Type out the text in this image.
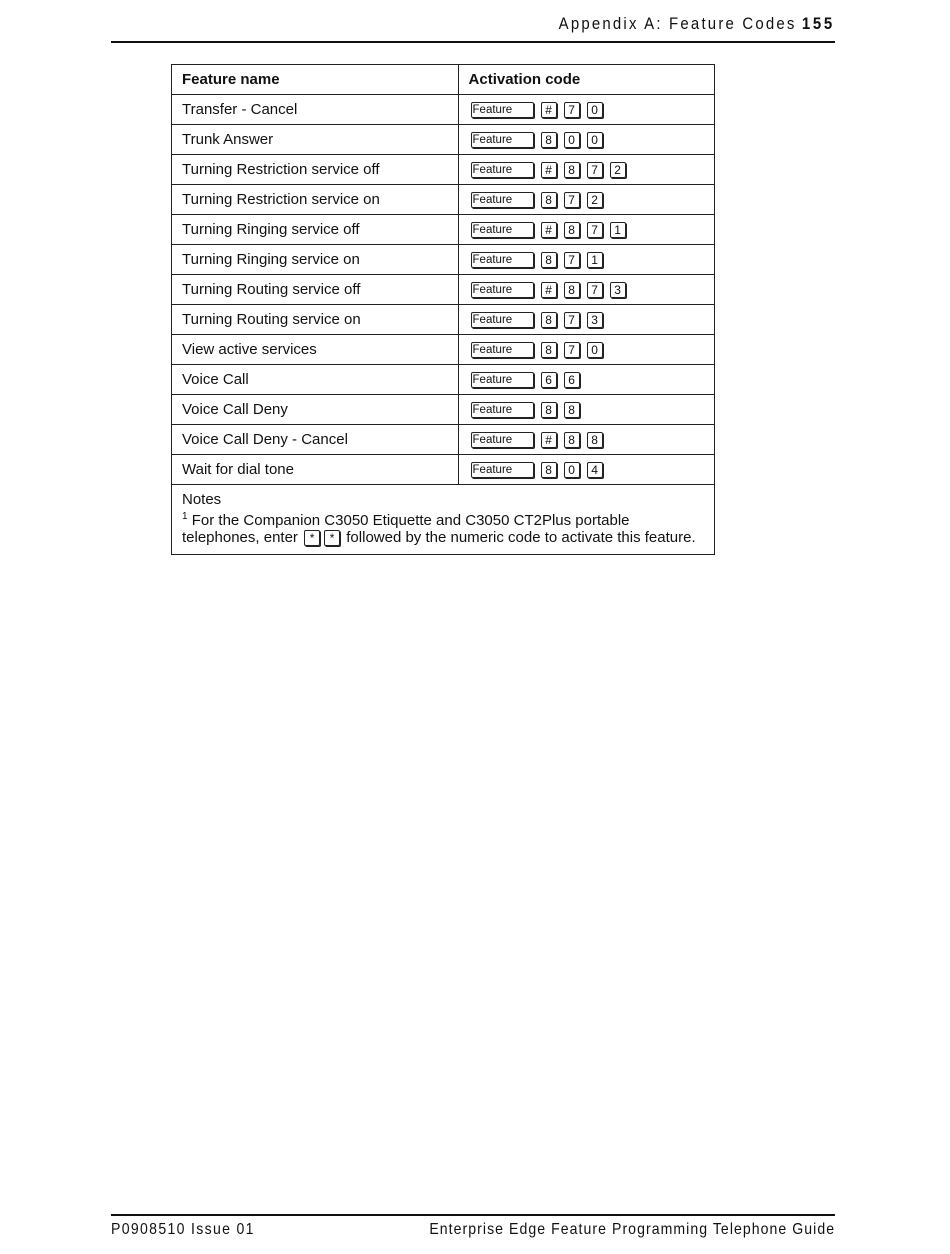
Appendix A: Feature Codes 155
Feature name	Activation code
Transfer - Cancel	Feature # 7 0

Trunk Answer	Feature 8 0 0

Turning Restriction service off	Feature # 8 7 2

Turning Restriction service on	Feature 8 7 2

Turning Ringing service off	Feature # 8 7 1

Turning Ringing service on	Feature 8 7 1

Turning Routing service off	Feature # 8 7 3

Turning Routing service on	Feature 8 7 3

View active services	Feature 8 7 0

Voice Call	Feature 6 6

Voice Call Deny	Feature 8 8

Voice Call Deny - Cancel	Feature # 8 8

Wait for dial tone	Feature 8 0 4

Notes
$^1$ For the Companion C3050 Etiquette and C3050 CT2Plus portable telephones, enter * * followed by the numeric code to activate this feature.	
P0908510 Issue 01	Enterprise Edge Feature Programming Telephone Guide
